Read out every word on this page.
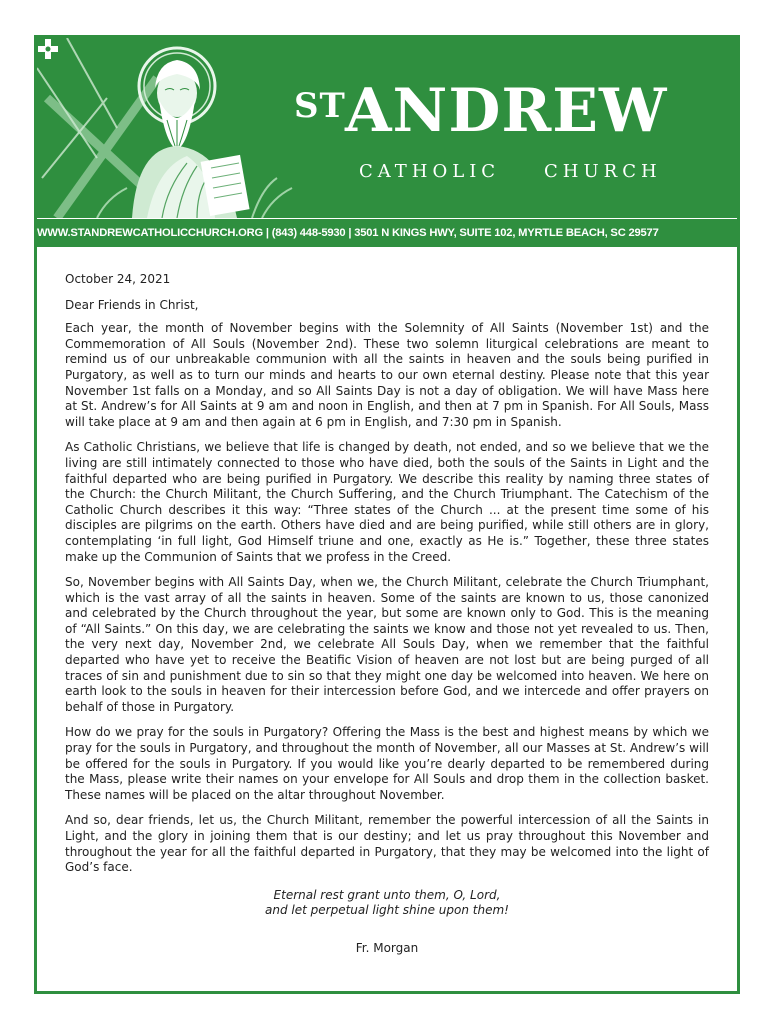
ST ANDREW
CATHOLIC CHURCH
WWW.STANDREWCATHOLICCHURCH.ORG | (843) 448-5930 | 3501 N KINGS HWY, SUITE 102, MYRTLE BEACH, SC 29577

October 24, 2021

Dear Friends in Christ,

Each year, the month of November begins with the Solemnity of All Saints (November 1st) and the Commemoration of All Souls (November 2nd). These two solemn liturgical celebrations are meant to remind us of our unbreakable communion with all the saints in heaven and the souls being purified in Purgatory, as well as to turn our minds and hearts to our own eternal destiny. Please note that this year November 1st falls on a Monday, and so All Saints Day is not a day of obligation. We will have Mass here at St. Andrew’s for All Saints at 9 am and noon in English, and then at 7 pm in Spanish. For All Souls, Mass will take place at 9 am and then again at 6 pm in English, and 7:30 pm in Spanish.

As Catholic Christians, we believe that life is changed by death, not ended, and so we believe that we the living are still intimately connected to those who have died, both the souls of the Saints in Light and the faithful departed who are being purified in Purgatory. We describe this reality by naming three states of the Church: the Church Militant, the Church Suffering, and the Church Triumphant. The Catechism of the Catholic Church describes it this way: “Three states of the Church ... at the present time some of his disciples are pilgrims on the earth. Others have died and are being purified, while still others are in glory, contemplating ‘in full light, God Himself triune and one, exactly as He is.” Together, these three states make up the Communion of Saints that we profess in the Creed.

So, November begins with All Saints Day, when we, the Church Militant, celebrate the Church Triumphant, which is the vast array of all the saints in heaven. Some of the saints are known to us, those canonized and celebrated by the Church throughout the year, but some are known only to God. This is the meaning of “All Saints.” On this day, we are celebrating the saints we know and those not yet revealed to us. Then, the very next day, November 2nd, we celebrate All Souls Day, when we remember that the faithful departed who have yet to receive the Beatific Vision of heaven are not lost but are being purged of all traces of sin and punishment due to sin so that they might one day be welcomed into heaven. We here on earth look to the souls in heaven for their intercession before God, and we intercede and offer prayers on behalf of those in Purgatory.

How do we pray for the souls in Purgatory? Offering the Mass is the best and highest means by which we pray for the souls in Purgatory, and throughout the month of November, all our Masses at St. Andrew’s will be offered for the souls in Purgatory. If you would like you’re dearly departed to be remembered during the Mass, please write their names on your envelope for All Souls and drop them in the collection basket. These names will be placed on the altar throughout November.

And so, dear friends, let us, the Church Militant, remember the powerful intercession of all the Saints in Light, and the glory in joining them that is our destiny; and let us pray throughout this November and throughout the year for all the faithful departed in Purgatory, that they may be welcomed into the light of God’s face.

Eternal rest grant unto them, O, Lord,
and let perpetual light shine upon them!

Fr. Morgan
